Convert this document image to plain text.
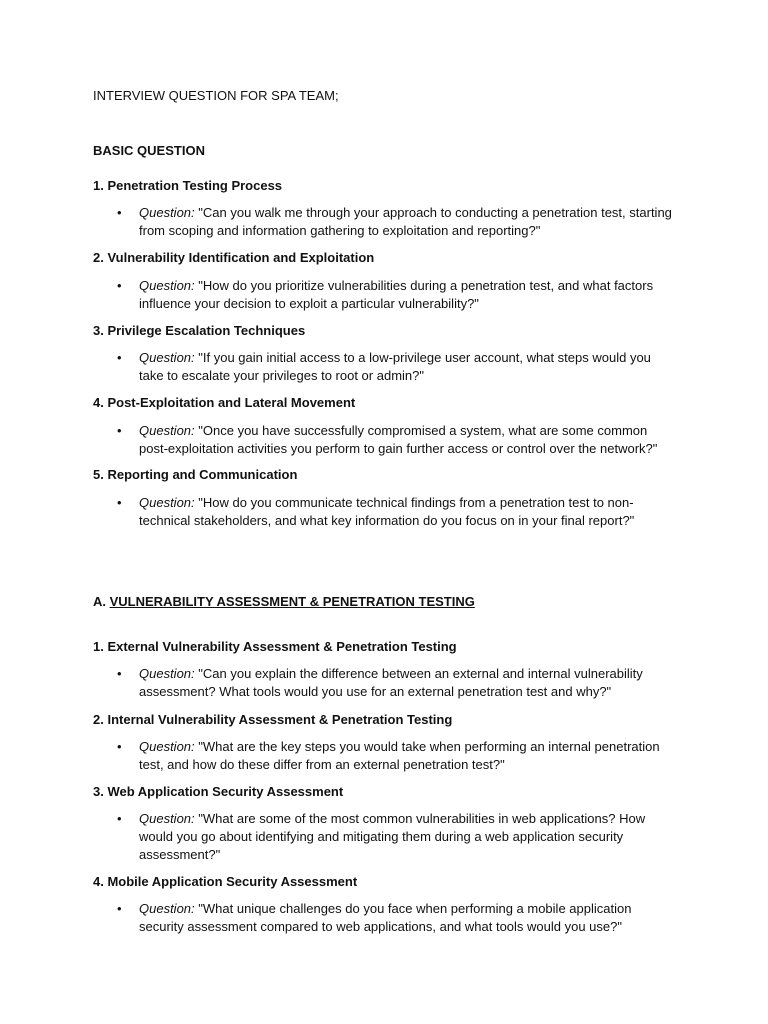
INTERVIEW QUESTION FOR SPA TEAM;
BASIC QUESTION
1. Penetration Testing Process
• Question: "Can you walk me through your approach to conducting a penetration test, starting from scoping and information gathering to exploitation and reporting?"
2. Vulnerability Identification and Exploitation
• Question: "How do you prioritize vulnerabilities during a penetration test, and what factors influence your decision to exploit a particular vulnerability?"
3. Privilege Escalation Techniques
• Question: "If you gain initial access to a low-privilege user account, what steps would you take to escalate your privileges to root or admin?"
4. Post-Exploitation and Lateral Movement
• Question: "Once you have successfully compromised a system, what are some common post-exploitation activities you perform to gain further access or control over the network?"
5. Reporting and Communication
• Question: "How do you communicate technical findings from a penetration test to non-technical stakeholders, and what key information do you focus on in your final report?"
A. VULNERABILITY ASSESSMENT & PENETRATION TESTING
1. External Vulnerability Assessment & Penetration Testing
• Question: "Can you explain the difference between an external and internal vulnerability assessment? What tools would you use for an external penetration test and why?"
2. Internal Vulnerability Assessment & Penetration Testing
• Question: "What are the key steps you would take when performing an internal penetration test, and how do these differ from an external penetration test?"
3. Web Application Security Assessment
• Question: "What are some of the most common vulnerabilities in web applications? How would you go about identifying and mitigating them during a web application security assessment?"
4. Mobile Application Security Assessment
• Question: "What unique challenges do you face when performing a mobile application security assessment compared to web applications, and what tools would you use?"
